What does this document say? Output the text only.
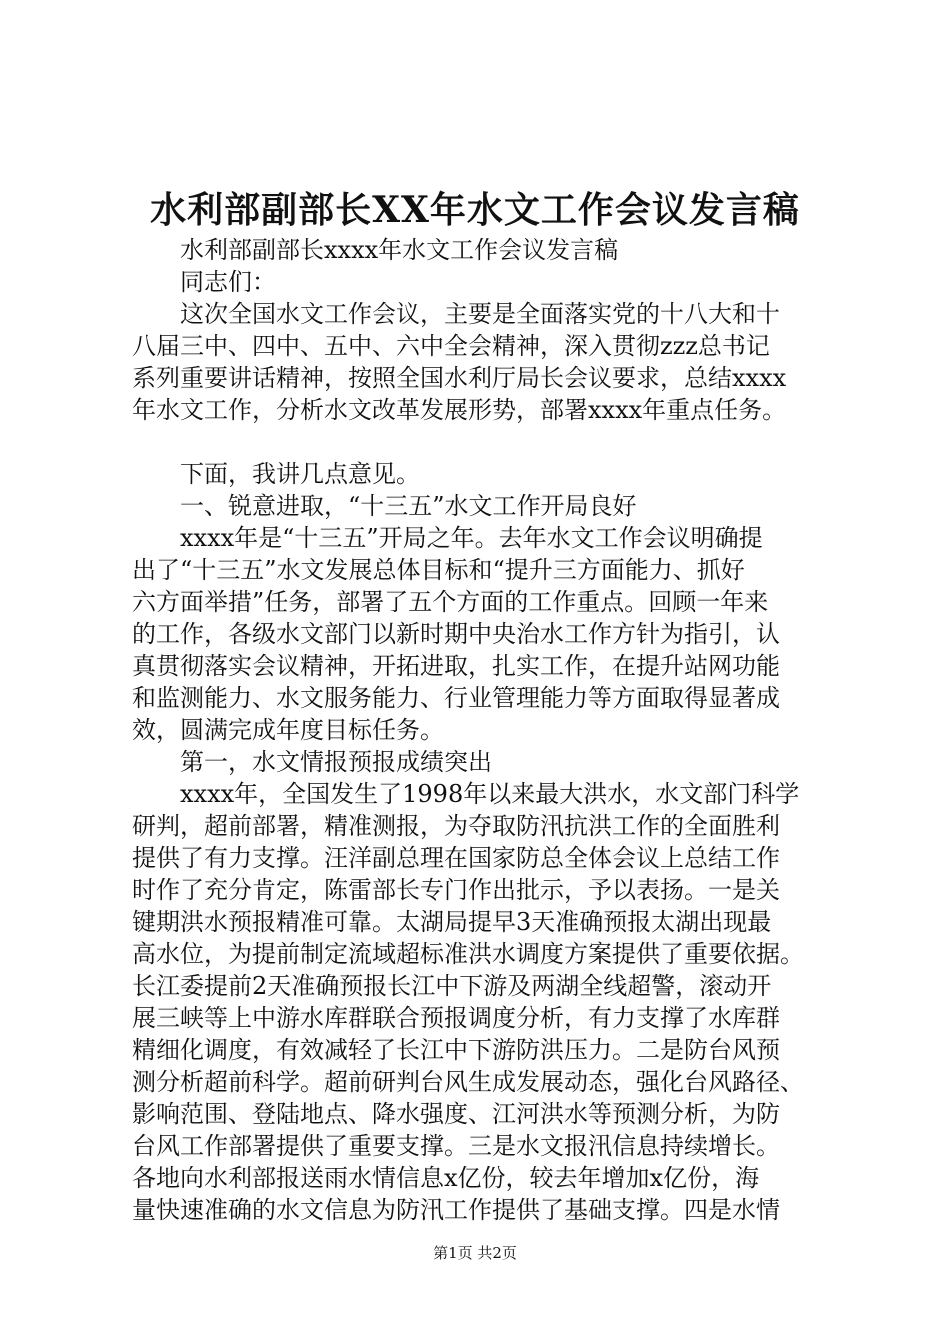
水利部副部长XX年水文工作会议发言稿
水利部副部长xxxx年水文工作会议发言稿
同志们：
这次全国水文工作会议，主要是全面落实党的十八大和十
八届三中、四中、五中、六中全会精神，深入贯彻zzz总书记
系列重要讲话精神，按照全国水利厅局长会议要求，总结xxxx
年水文工作，分析水文改革发展形势，部署xxxx年重点任务。
下面，我讲几点意见。
一、锐意进取，“十三五”水文工作开局良好
xxxx年是“十三五”开局之年。去年水文工作会议明确提
出了“十三五”水文发展总体目标和“提升三方面能力、抓好
六方面举措”任务，部署了五个方面的工作重点。回顾一年来
的工作，各级水文部门以新时期中央治水工作方针为指引，认
真贯彻落实会议精神，开拓进取，扎实工作，在提升站网功能
和监测能力、水文服务能力、行业管理能力等方面取得显著成
效，圆满完成年度目标任务。
第一，水文情报预报成绩突出
xxxx年，全国发生了1998年以来最大洪水，水文部门科学
研判，超前部署，精准测报，为夺取防汛抗洪工作的全面胜利
提供了有力支撑。汪洋副总理在国家防总全体会议上总结工作
时作了充分肯定，陈雷部长专门作出批示，予以表扬。一是关
键期洪水预报精准可靠。太湖局提早3天准确预报太湖出现最
高水位，为提前制定流域超标准洪水调度方案提供了重要依据。
长江委提前2天准确预报长江中下游及两湖全线超警，滚动开
展三峡等上中游水库群联合预报调度分析，有力支撑了水库群
精细化调度，有效减轻了长江中下游防洪压力。二是防台风预
测分析超前科学。超前研判台风生成发展动态，强化台风路径、
影响范围、登陆地点、降水强度、江河洪水等预测分析，为防
台风工作部署提供了重要支撑。三是水文报汛信息持续增长。
各地向水利部报送雨水情信息x亿份，较去年增加x亿份，海
量快速准确的水文信息为防汛工作提供了基础支撑。四是水情
第1页 共2页
